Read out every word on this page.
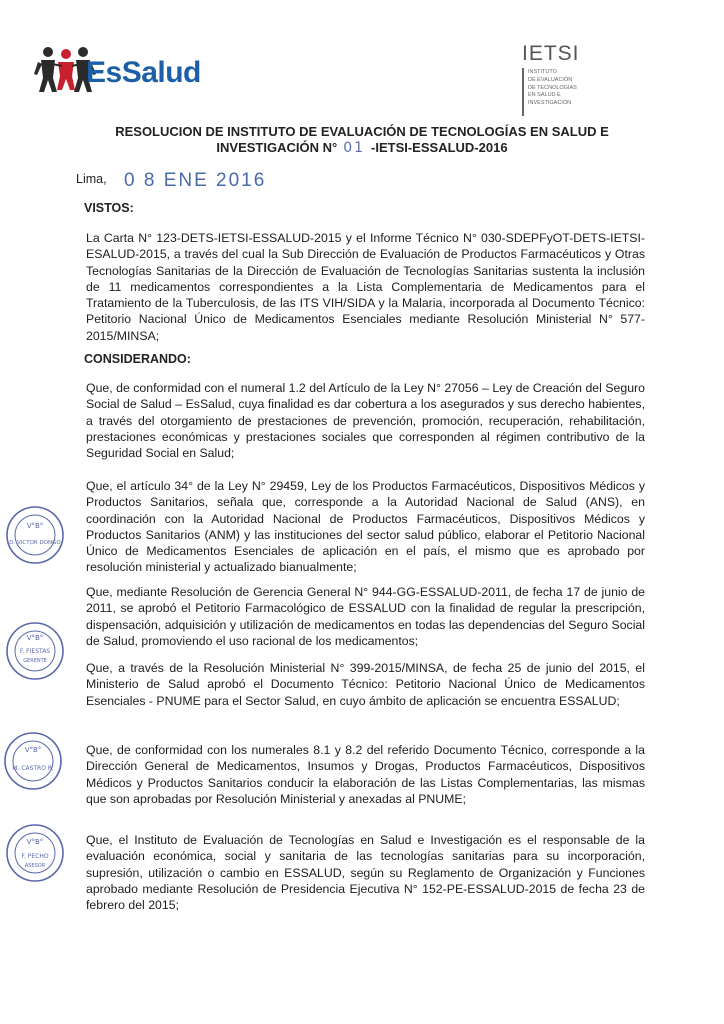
EsSalud
IETSI
INSTITUTO
DE EVALUACIÓN
DE TECNOLOGÍAS
EN SALUD E
INVESTIGACIÓN
RESOLUCION DE INSTITUTO DE EVALUACIÓN DE TECNOLOGÍAS EN SALUD E
INVESTIGACIÓN N° 01 -IETSI-ESSALUD-2016
Lima, 0 8 ENE 2016
VISTOS:
La Carta N° 123-DETS-IETSI-ESSALUD-2015 y el Informe Técnico N° 030-SDEPFyOT-DETS-IETSI-ESALUD-2015, a través del cual la Sub Dirección de Evaluación de Productos Farmacéuticos y Otras Tecnologías Sanitarias de la Dirección de Evaluación de Tecnologías Sanitarias sustenta la inclusión de 11 medicamentos correspondientes a la Lista Complementaria de Medicamentos para el Tratamiento de la Tuberculosis, de las ITS VIH/SIDA y la Malaria, incorporada al Documento Técnico: Petitorio Nacional Único de Medicamentos Esenciales mediante Resolución Ministerial N° 577-2015/MINSA;
CONSIDERANDO:
Que, de conformidad con el numeral 1.2 del Artículo de la Ley N° 27056 – Ley de Creación del Seguro Social de Salud – EsSalud, cuya finalidad es dar cobertura a los asegurados y sus derecho habientes, a través del otorgamiento de prestaciones de prevención, promoción, recuperación, rehabilitación, prestaciones económicas y prestaciones sociales que corresponden al régimen contributivo de la Seguridad Social en Salud;
Que, el artículo 34° de la Ley N° 29459, Ley de los Productos Farmacéuticos, Dispositivos Médicos y Productos Sanitarios, señala que, corresponde a la Autoridad Nacional de Salud (ANS), en coordinación con la Autoridad Nacional de Productos Farmacéuticos, Dispositivos Médicos y Productos Sanitarios (ANM) y las instituciones del sector salud público, elaborar el Petitorio Nacional Único de Medicamentos Esenciales de aplicación en el país, el mismo que es aprobado por resolución ministerial y actualizado bianualmente;
Que, mediante Resolución de Gerencia General N° 944-GG-ESSALUD-2011, de fecha 17 de junio de 2011, se aprobó el Petitorio Farmacológico de ESSALUD con la finalidad de regular la prescripción, dispensación, adquisición y utilización de medicamentos en todas las dependencias del Seguro Social de Salud, promoviendo el uso racional de los medicamentos;
Que, a través de la Resolución Ministerial N° 399-2015/MINSA, de fecha 25 de junio del 2015, el Ministerio de Salud aprobó el Documento Técnico: Petitorio Nacional Único de Medicamentos Esenciales - PNUME para el Sector Salud, en cuyo ámbito de aplicación se encuentra ESSALUD;
Que, de conformidad con los numerales 8.1 y 8.2 del referido Documento Técnico, corresponde a la Dirección General de Medicamentos, Insumos y Drogas, Productos Farmacéuticos, Dispositivos Médicos y Productos Sanitarios conducir la elaboración de las Listas Complementarias, las mismas que son aprobadas por Resolución Ministerial y anexadas al PNUME;
Que, el Instituto de Evaluación de Tecnologías en Salud e Investigación es el responsable de la evaluación económica, social y sanitaria de las tecnologías sanitarias para su incorporación, supresión, utilización o cambio en ESSALUD, según su Reglamento de Organización y Funciones aprobado mediante Resolución de Presidencia Ejecutiva N° 152-PE-ESSALUD-2015 de fecha 23 de febrero del 2015;
V°B°
D. VICTOR DONGO
V°B°
F. FIESTAS
GERENTE
V°B°
M. CASTRO R.
V°B°
F. PECHO
ASESOR
